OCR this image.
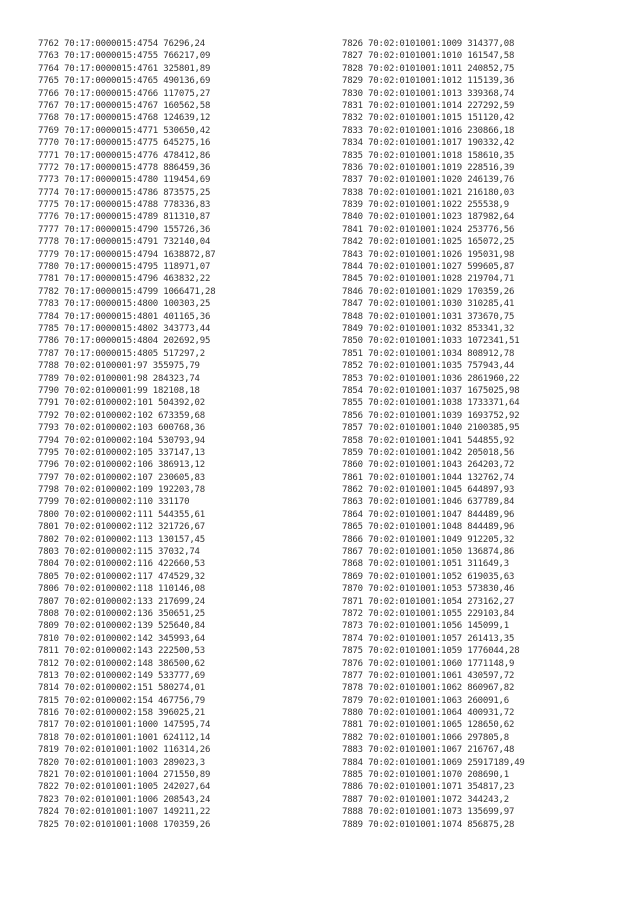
7762 70:17:0000015:4754 76296,24
7763 70:17:0000015:4755 766217,09
7764 70:17:0000015:4761 325801,89
7765 70:17:0000015:4765 490136,69
7766 70:17:0000015:4766 117075,27
7767 70:17:0000015:4767 160562,58
7768 70:17:0000015:4768 124639,12
7769 70:17:0000015:4771 530650,42
7770 70:17:0000015:4775 645275,16
7771 70:17:0000015:4776 478412,86
7772 70:17:0000015:4778 886459,36
7773 70:17:0000015:4780 119454,69
7774 70:17:0000015:4786 873575,25
7775 70:17:0000015:4788 778336,83
7776 70:17:0000015:4789 811310,87
7777 70:17:0000015:4790 155726,36
7778 70:17:0000015:4791 732140,04
7779 70:17:0000015:4794 1638872,87
7780 70:17:0000015:4795 118971,07
7781 70:17:0000015:4796 463832,22
7782 70:17:0000015:4799 1066471,28
7783 70:17:0000015:4800 100303,25
7784 70:17:0000015:4801 401165,36
7785 70:17:0000015:4802 343773,44
7786 70:17:0000015:4804 202692,95
7787 70:17:0000015:4805 517297,2
7788 70:02:0100001:97 355975,79
7789 70:02:0100001:98 284323,74
7790 70:02:0100001:99 182108,18
7791 70:02:0100002:101 504392,02
7792 70:02:0100002:102 673359,68
7793 70:02:0100002:103 600768,36
7794 70:02:0100002:104 530793,94
7795 70:02:0100002:105 337147,13
7796 70:02:0100002:106 386913,12
7797 70:02:0100002:107 230605,83
7798 70:02:0100002:109 192203,78
7799 70:02:0100002:110 331170
7800 70:02:0100002:111 544355,61
7801 70:02:0100002:112 321726,67
7802 70:02:0100002:113 130157,45
7803 70:02:0100002:115 37032,74
7804 70:02:0100002:116 422660,53
7805 70:02:0100002:117 474529,32
7806 70:02:0100002:118 110146,08
7807 70:02:0100002:133 217699,24
7808 70:02:0100002:136 350651,25
7809 70:02:0100002:139 525640,84
7810 70:02:0100002:142 345993,64
7811 70:02:0100002:143 222500,53
7812 70:02:0100002:148 386500,62
7813 70:02:0100002:149 533777,69
7814 70:02:0100002:151 580274,01
7815 70:02:0100002:154 467756,79
7816 70:02:0100002:158 396025,21
7817 70:02:0101001:1000 147595,74
7818 70:02:0101001:1001 624112,14
7819 70:02:0101001:1002 116314,26
7820 70:02:0101001:1003 289023,3
7821 70:02:0101001:1004 271550,89
7822 70:02:0101001:1005 242027,64
7823 70:02:0101001:1006 208543,24
7824 70:02:0101001:1007 149211,22
7825 70:02:0101001:1008 170359,26
7826 70:02:0101001:1009 314377,08
7827 70:02:0101001:1010 161547,58
7828 70:02:0101001:1011 240852,75
7829 70:02:0101001:1012 115139,36
7830 70:02:0101001:1013 339368,74
7831 70:02:0101001:1014 227292,59
7832 70:02:0101001:1015 151120,42
7833 70:02:0101001:1016 230866,18
7834 70:02:0101001:1017 190332,42
7835 70:02:0101001:1018 158610,35
7836 70:02:0101001:1019 228516,39
7837 70:02:0101001:1020 246139,76
7838 70:02:0101001:1021 216180,03
7839 70:02:0101001:1022 255538,9
7840 70:02:0101001:1023 187982,64
7841 70:02:0101001:1024 253776,56
7842 70:02:0101001:1025 165072,25
7843 70:02:0101001:1026 195031,98
7844 70:02:0101001:1027 599605,87
7845 70:02:0101001:1028 219704,71
7846 70:02:0101001:1029 170359,26
7847 70:02:0101001:1030 310285,41
7848 70:02:0101001:1031 373670,75
7849 70:02:0101001:1032 853341,32
7850 70:02:0101001:1033 1072341,51
7851 70:02:0101001:1034 808912,78
7852 70:02:0101001:1035 757943,44
7853 70:02:0101001:1036 2861960,22
7854 70:02:0101001:1037 1675025,98
7855 70:02:0101001:1038 1733371,64
7856 70:02:0101001:1039 1693752,92
7857 70:02:0101001:1040 2100385,95
7858 70:02:0101001:1041 544855,92
7859 70:02:0101001:1042 205018,56
7860 70:02:0101001:1043 264203,72
7861 70:02:0101001:1044 132762,74
7862 70:02:0101001:1045 644897,93
7863 70:02:0101001:1046 637789,84
7864 70:02:0101001:1047 844489,96
7865 70:02:0101001:1048 844489,96
7866 70:02:0101001:1049 912205,32
7867 70:02:0101001:1050 136874,86
7868 70:02:0101001:1051 311649,3
7869 70:02:0101001:1052 619035,63
7870 70:02:0101001:1053 573830,46
7871 70:02:0101001:1054 273162,27
7872 70:02:0101001:1055 229103,84
7873 70:02:0101001:1056 145099,1
7874 70:02:0101001:1057 261413,35
7875 70:02:0101001:1059 1776044,28
7876 70:02:0101001:1060 1771148,9
7877 70:02:0101001:1061 430597,72
7878 70:02:0101001:1062 860967,82
7879 70:02:0101001:1063 260091,6
7880 70:02:0101001:1064 400931,72
7881 70:02:0101001:1065 128650,62
7882 70:02:0101001:1066 297805,8
7883 70:02:0101001:1067 216767,48
7884 70:02:0101001:1069 25917189,49
7885 70:02:0101001:1070 208690,1
7886 70:02:0101001:1071 354817,23
7887 70:02:0101001:1072 344243,2
7888 70:02:0101001:1073 135699,97
7889 70:02:0101001:1074 856875,28
